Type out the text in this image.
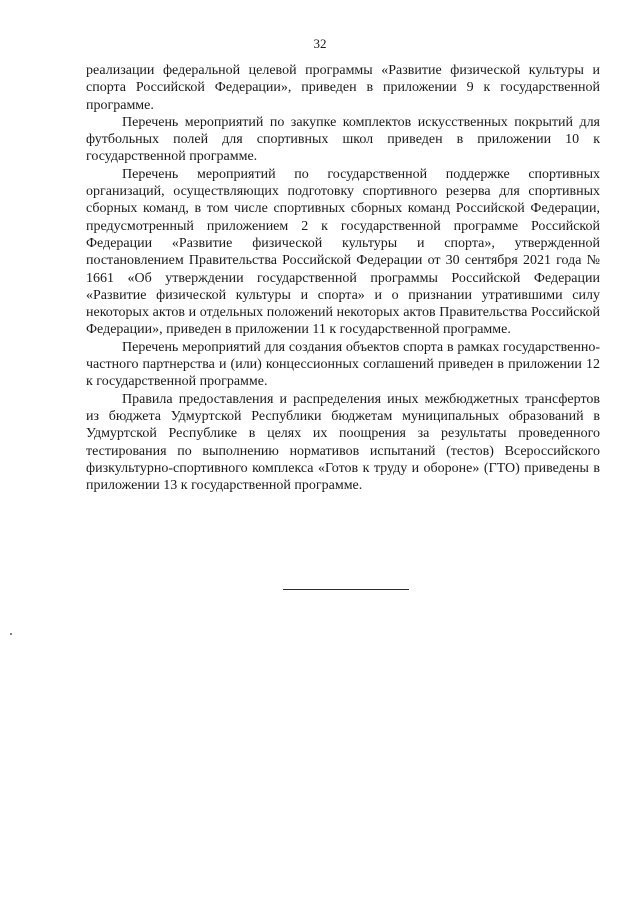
32

реализации федеральной целевой программы «Развитие физической культуры и спорта Российской Федерации», приведен в приложении 9 к государственной программе.

Перечень мероприятий по закупке комплектов искусственных покрытий для футбольных полей для спортивных школ приведен в приложении 10 к государственной программе.

Перечень мероприятий по государственной поддержке спортивных организаций, осуществляющих подготовку спортивного резерва для спортивных сборных команд, в том числе спортивных сборных команд Российской Федерации, предусмотренный приложением 2 к государственной программе Российской Федерации «Развитие физической культуры и спорта», утвержденной постановлением Правительства Российской Федерации от 30 сентября 2021 года № 1661 «Об утверждении государственной программы Российской Федерации «Развитие физической культуры и спорта» и о признании утратившими силу некоторых актов и отдельных положений некоторых актов Правительства Российской Федерации», приведен в приложении 11 к государственной программе.

Перечень мероприятий для создания объектов спорта в рамках государственно-частного партнерства и (или) концессионных соглашений приведен в приложении 12 к государственной программе.

Правила предоставления и распределения иных межбюджетных трансфертов из бюджета Удмуртской Республики бюджетам муниципальных образований в Удмуртской Республике в целях их поощрения за результаты проведенного тестирования по выполнению нормативов испытаний (тестов) Всероссийского физкультурно-спортивного комплекса «Готов к труду и обороне» (ГТО) приведены в приложении 13 к государственной программе.
